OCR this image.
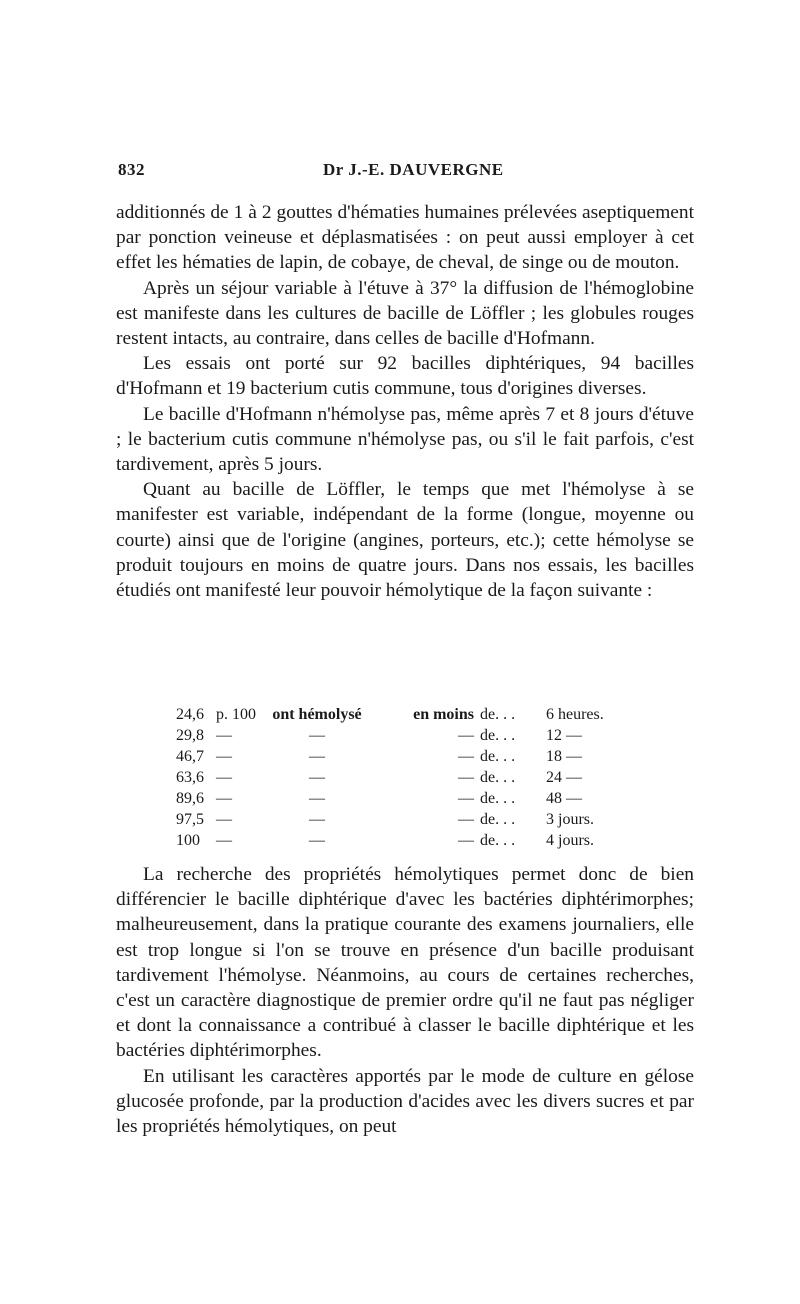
832	Dr J.-E. DAUVERGNE

additionnés de 1 à 2 gouttes d'hématies humaines prélevées aseptiquement par ponction veineuse et déplasmatisées : on peut aussi employer à cet effet les hématies de lapin, de cobaye, de cheval, de singe ou de mouton.

Après un séjour variable à l'étuve à 37° la diffusion de l'hémoglobine est manifeste dans les cultures de bacille de Löffler ; les globules rouges restent intacts, au contraire, dans celles de bacille d'Hofmann.

Les essais ont porté sur 92 bacilles diphtériques, 94 bacilles d'Hofmann et 19 bacterium cutis commune, tous d'origines diverses.

Le bacille d'Hofmann n'hémolyse pas, même après 7 et 8 jours d'étuve ; le bacterium cutis commune n'hémolyse pas, ou s'il le fait parfois, c'est tardivement, après 5 jours.

Quant au bacille de Löffler, le temps que met l'hémolyse à se manifester est variable, indépendant de la forme (longue, moyenne ou courte) ainsi que de l'origine (angines, porteurs, etc.); cette hémolyse se produit toujours en moins de quatre jours. Dans nos essais, les bacilles étudiés ont manifesté leur pouvoir hémolytique de la façon suivante :

24,6	p. 100	ont hémolysé	en moins	de. . .	6 heures.
29,8	—	—	—	de. . .	12 —
46,7	—	—	—	de. . .	18 —
63,6	—	—	—	de. . .	24 —
89,6	—	—	—	de. . .	48 —
97,5	—	—	—	de. . .	3 jours.
100	—	—	—	de. . .	4 jours.

La recherche des propriétés hémolytiques permet donc de bien différencier le bacille diphtérique d'avec les bactéries diphtérimorphes; malheureusement, dans la pratique courante des examens journaliers, elle est trop longue si l'on se trouve en présence d'un bacille produisant tardivement l'hémolyse. Néanmoins, au cours de certaines recherches, c'est un caractère diagnostique de premier ordre qu'il ne faut pas négliger et dont la connaissance a contribué à classer le bacille diphtérique et les bactéries diphtérimorphes.

En utilisant les caractères apportés par le mode de culture en gélose glucosée profonde, par la production d'acides avec les divers sucres et par les propriétés hémolytiques, on peut
